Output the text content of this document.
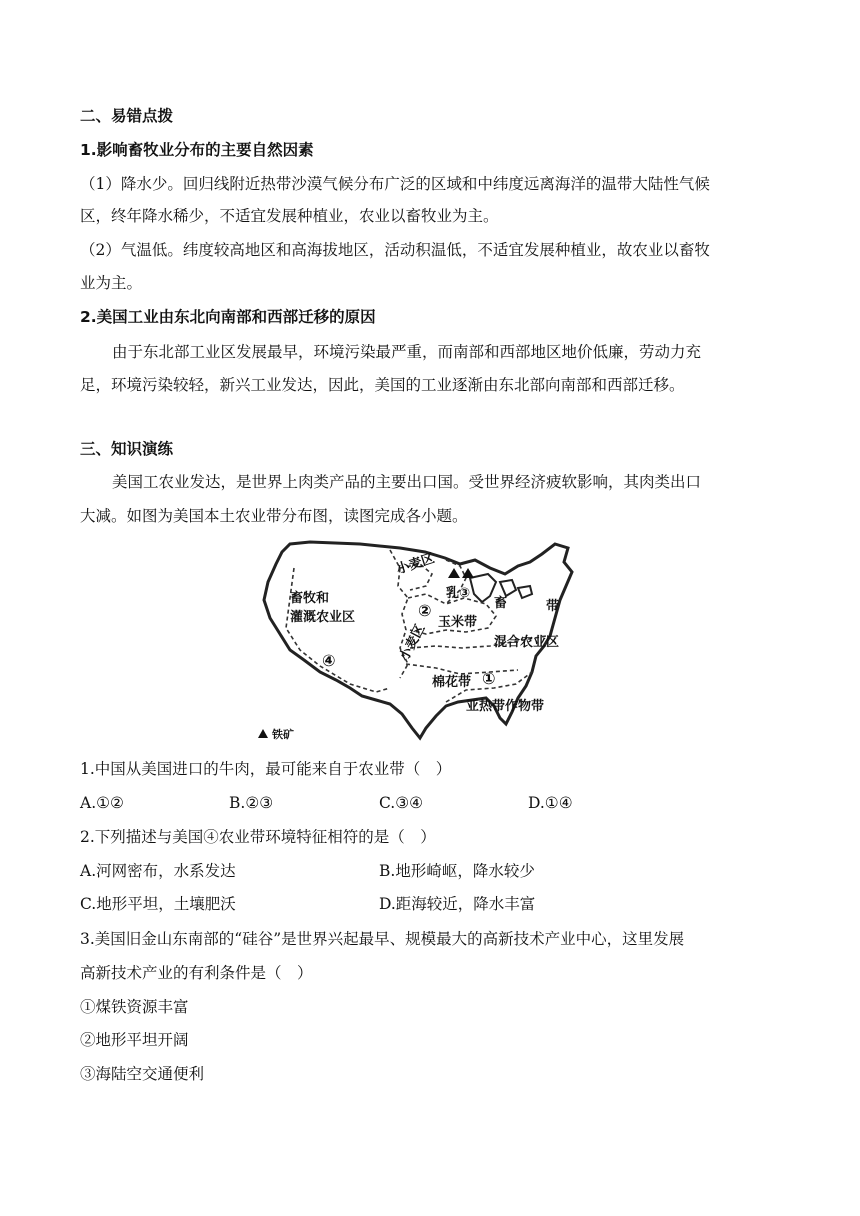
二、易错点拨
1.影响畜牧业分布的主要自然因素
（1）降水少。回归线附近热带沙漠气候分布广泛的区域和中纬度远离海洋的温带大陆性气候
区，终年降水稀少，不适宜发展种植业，农业以畜牧业为主。
（2）气温低。纬度较高地区和高海拔地区，活动积温低，不适宜发展种植业，故农业以畜牧
业为主。
2.美国工业由东北向南部和西部迁移的原因
由于东北部工业区发展最早，环境污染最严重，而南部和西部地区地价低廉，劳动力充
足，环境污染较轻，新兴工业发达，因此，美国的工业逐渐由东北部向南部和西部迁移。
三、知识演练
美国工农业发达，是世界上肉类产品的主要出口国。受世界经济疲软影响，其肉类出口
大减。如图为美国本土农业带分布图，读图完成各小题。
小麦区
乳③
畜	带
畜牧和
灌溉农业区	②
玉米带
小麦区	混合农业区
④
棉花带 ①
亚热带作物带
铁矿
1.中国从美国进口的牛肉，最可能来自于农业带（　）
A.①②	B.②③	C.③④	D.①④
2.下列描述与美国④农业带环境特征相符的是（　）
A.河网密布，水系发达	B.地形崎岖，降水较少
C.地形平坦，土壤肥沃	D.距海较近，降水丰富
3.美国旧金山东南部的“硅谷”是世界兴起最早、规模最大的高新技术产业中心，这里发展
高新技术产业的有利条件是（　）
①煤铁资源丰富
②地形平坦开阔
③海陆空交通便利
